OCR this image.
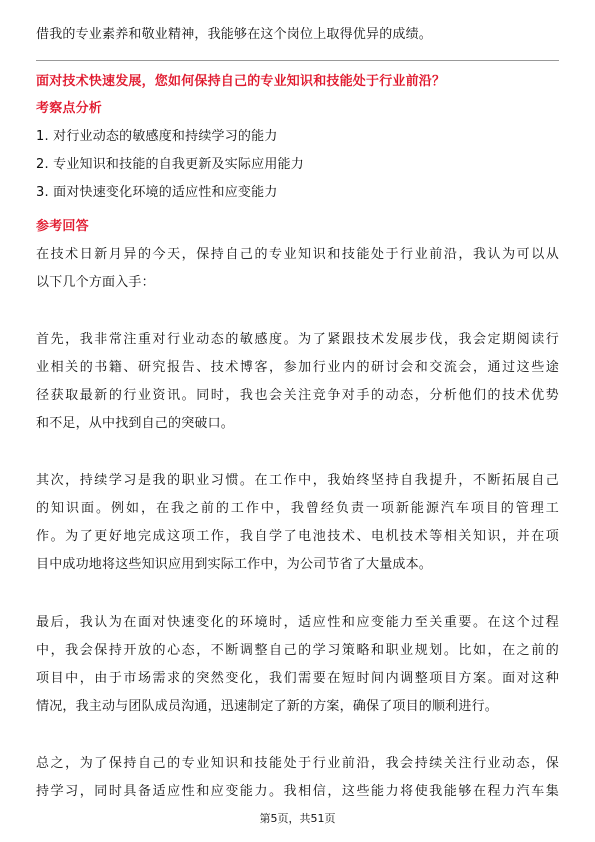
借我的专业素养和敬业精神，我能够在这个岗位上取得优异的成绩。
面对技术快速发展，您如何保持自己的专业知识和技能处于行业前沿？
考察点分析
1. 对行业动态的敏感度和持续学习的能力
2. 专业知识和技能的自我更新及实际应用能力
3. 面对快速变化环境的适应性和应变能力
参考回答
在技术日新月异的今天，保持自己的专业知识和技能处于行业前沿，我认为可以从
以下几个方面入手：
首先，我非常注重对行业动态的敏感度。为了紧跟技术发展步伐，我会定期阅读行
业相关的书籍、研究报告、技术博客，参加行业内的研讨会和交流会，通过这些途
径获取最新的行业资讯。同时，我也会关注竞争对手的动态，分析他们的技术优势
和不足，从中找到自己的突破口。
其次，持续学习是我的职业习惯。在工作中，我始终坚持自我提升，不断拓展自己
的知识面。例如，在我之前的工作中，我曾经负责一项新能源汽车项目的管理工
作。为了更好地完成这项工作，我自学了电池技术、电机技术等相关知识，并在项
目中成功地将这些知识应用到实际工作中，为公司节省了大量成本。
最后，我认为在面对快速变化的环境时，适应性和应变能力至关重要。在这个过程
中，我会保持开放的心态，不断调整自己的学习策略和职业规划。比如，在之前的
项目中，由于市场需求的突然变化，我们需要在短时间内调整项目方案。面对这种
情况，我主动与团队成员沟通，迅速制定了新的方案，确保了项目的顺利进行。
总之，为了保持自己的专业知识和技能处于行业前沿，我会持续关注行业动态，保
持学习，同时具备适应性和应变能力。我相信，这些能力将使我能够在程力汽车集
第5页，共51页
